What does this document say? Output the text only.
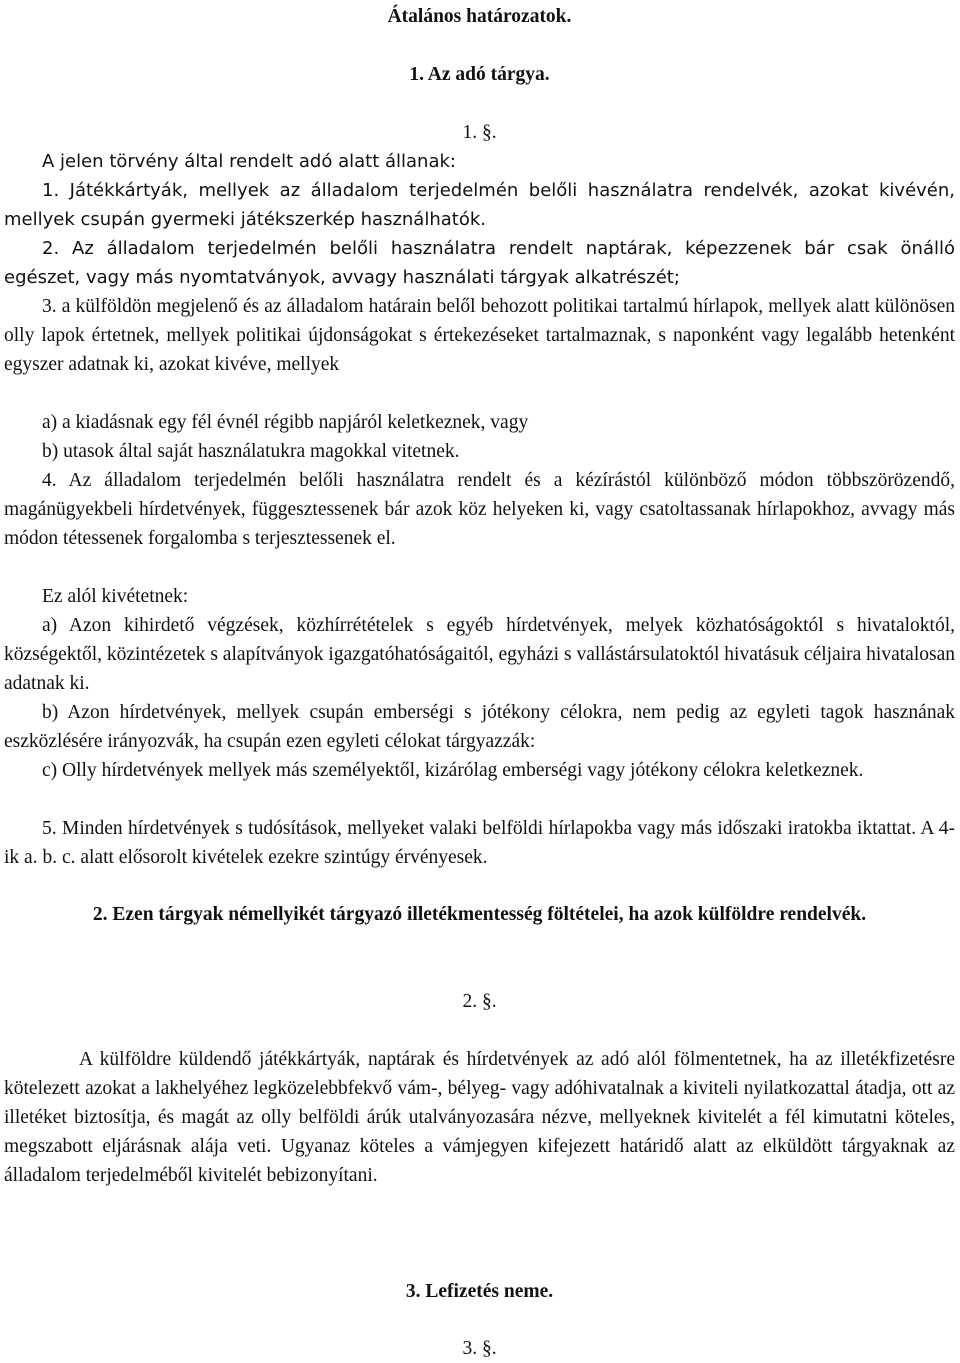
Átalános határozatok.

1. Az adó tárgya.

1. §.

A jelen törvény által rendelt adó alatt állanak:

1. Játékkártyák, mellyek az álladalom terjedelmén belőli használatra rendelvék, azokat kivévén, mellyek csupán gyermeki játékszerkép használhatók.

2. Az álladalom terjedelmén belőli használatra rendelt naptárak, képezzenek bár csak önálló egészet, vagy más nyomtatványok, avvagy használati tárgyak alkatrészét;

3. a külföldön megjelenő és az álladalom határain belől behozott politikai tartalmú hírlapok, mellyek alatt különösen olly lapok értetnek, mellyek politikai újdonságokat s értekezéseket tartalmaznak, s naponként vagy legalább hetenként egyszer adatnak ki, azokat kivéve, mellyek

a) a kiadásnak egy fél évnél régibb napjáról keletkeznek, vagy

b) utasok által saját használatukra magokkal vitetnek.

4. Az álladalom terjedelmén belőli használatra rendelt és a kézírástól különböző módon többszörözendő, magánügyekbeli hírdetvények, függesztessenek bár azok köz helyeken ki, vagy csatoltassanak hírlapokhoz, avvagy más módon tétessenek forgalomba s terjesztessenek el.

Ez alól kivétetnek:

a) Azon kihirdető végzések, közhírrétételek s egyéb hírdetvények, melyek közhatóságoktól s hivataloktól, községektől, közintézetek s alapítványok igazgatóhatóságaitól, egyházi s vallástársulatoktól hivatásuk céljaira hivatalosan adatnak ki.

b) Azon hírdetvények, mellyek csupán emberségi s jótékony célokra, nem pedig az egyleti tagok hasznának eszközlésére irányozvák, ha csupán ezen egyleti célokat tárgyazzák:

c) Olly hírdetvények mellyek más személyektől, kizárólag emberségi vagy jótékony célokra keletkeznek.

5. Minden hírdetvények s tudósítások, mellyeket valaki belföldi hírlapokba vagy más időszaki iratokba iktattat. A 4-ik a. b. c. alatt elősorolt kivételek ezekre szintúgy érvényesek.

2. Ezen tárgyak némellyikét tárgyazó illetékmentesség föltételei, ha azok külföldre rendelvék.

2. §.

A külföldre küldendő játékkártyák, naptárak és hírdetvények az adó alól fölmentetnek, ha az illetékfizetésre kötelezett azokat a lakhelyéhez legközelebbfekvő vám-, bélyeg- vagy adóhivatalnak a kiviteli nyilatkozattal átadja, ott az illetéket biztosítja, és magát az olly belföldi árúk utalványozasára nézve, mellyeknek kivitelét a fél kimutatni köteles, megszabott eljárásnak alája veti. Ugyanaz köteles a vámjegyen kifejezett határidő alatt az elküldött tárgyaknak az álladalom terjedelméből kivitelét bebizonyítani.

3. Lefizetés neme.

3. §.
